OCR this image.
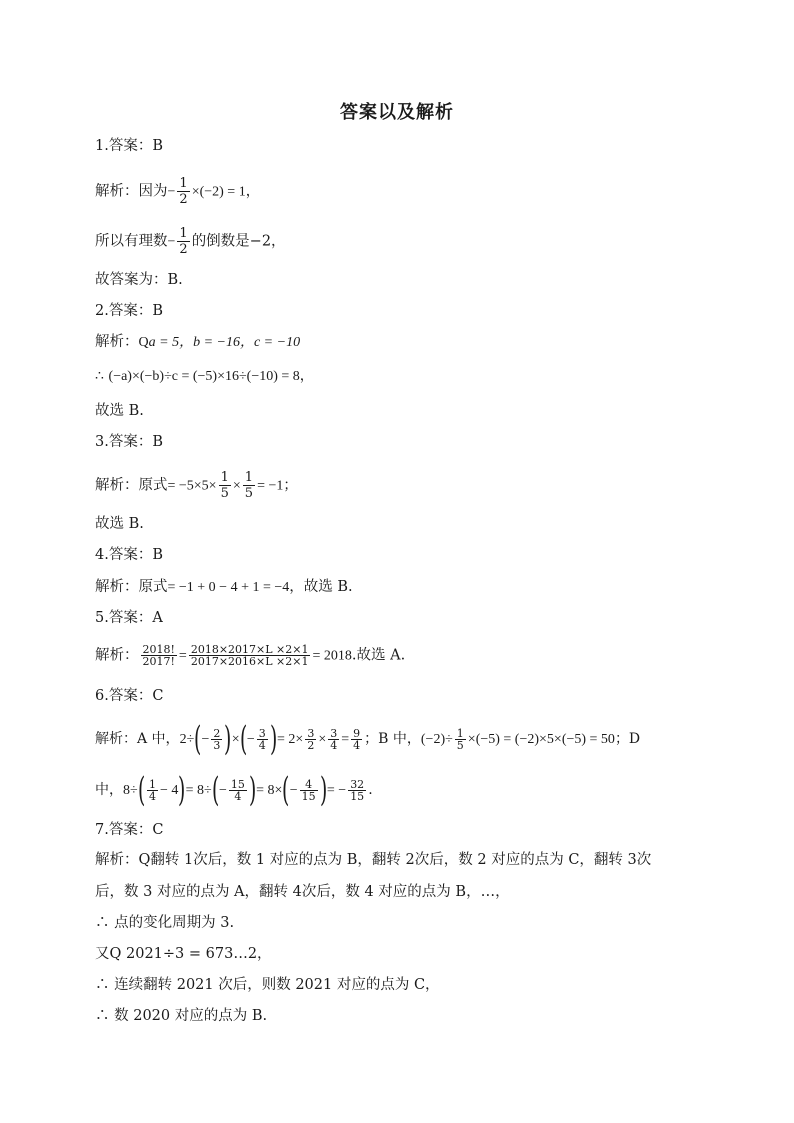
答案以及解析
1.答案：B
解析：因为− $\frac{1}{2} \times(-2) = 1$，
所以有理数− $\frac{1}{2}$ 的倒数是−2，
故答案为：B.
2.答案：B
解析：Qa = 5，b = −16，c = −10
∴ (−a)×(−b)÷c = (−5)×16÷(−10) = 8，
故选 B.
3.答案：B
解析：原式= $-5\times 5\times \frac{1}{5} \times \frac{1}{5} = -1$；
故选 B.
4.答案：B
解析：原式= −1 + 0 − 4 + 1 = −4，故选 B.
5.答案：A
解析： $\frac{2018!}{2017!} = \frac{2018\times 2017\times L \times 2\times 1}{2017\times 2016\times L \times 2\times 1} = 2018$.故选 A.
6.答案：C
解析：A 中，$2\div(- \frac{2}{3}$ )×(− $\frac{3}{4}$ )= $2\times \frac{3}{2} \times \frac{3}{4} = \frac{9}{4}$ ；B 中，$(-2)\div \frac{1}{5} \times(-5) = (-2)\times 5\times(-5) = 50$；D
中，$8\div( \frac{1}{4} - 4)= 8\div(- \frac{15}{4}$ )= $8\times(- \frac{4}{15}$ )= − $\frac{32}{15}$ .
7.答案：C
解析：Q翻转 1次后，数 1 对应的点为 B，翻转 2次后，数 2 对应的点为 C，翻转 3次
后，数 3 对应的点为 A，翻转 4次后，数 4 对应的点为 B，…，
∴ 点的变化周期为 3.
又Q 2021÷3 = 673…2，
∴ 连续翻转 2021 次后，则数 2021 对应的点为 C，
∴ 数 2020 对应的点为 B.
